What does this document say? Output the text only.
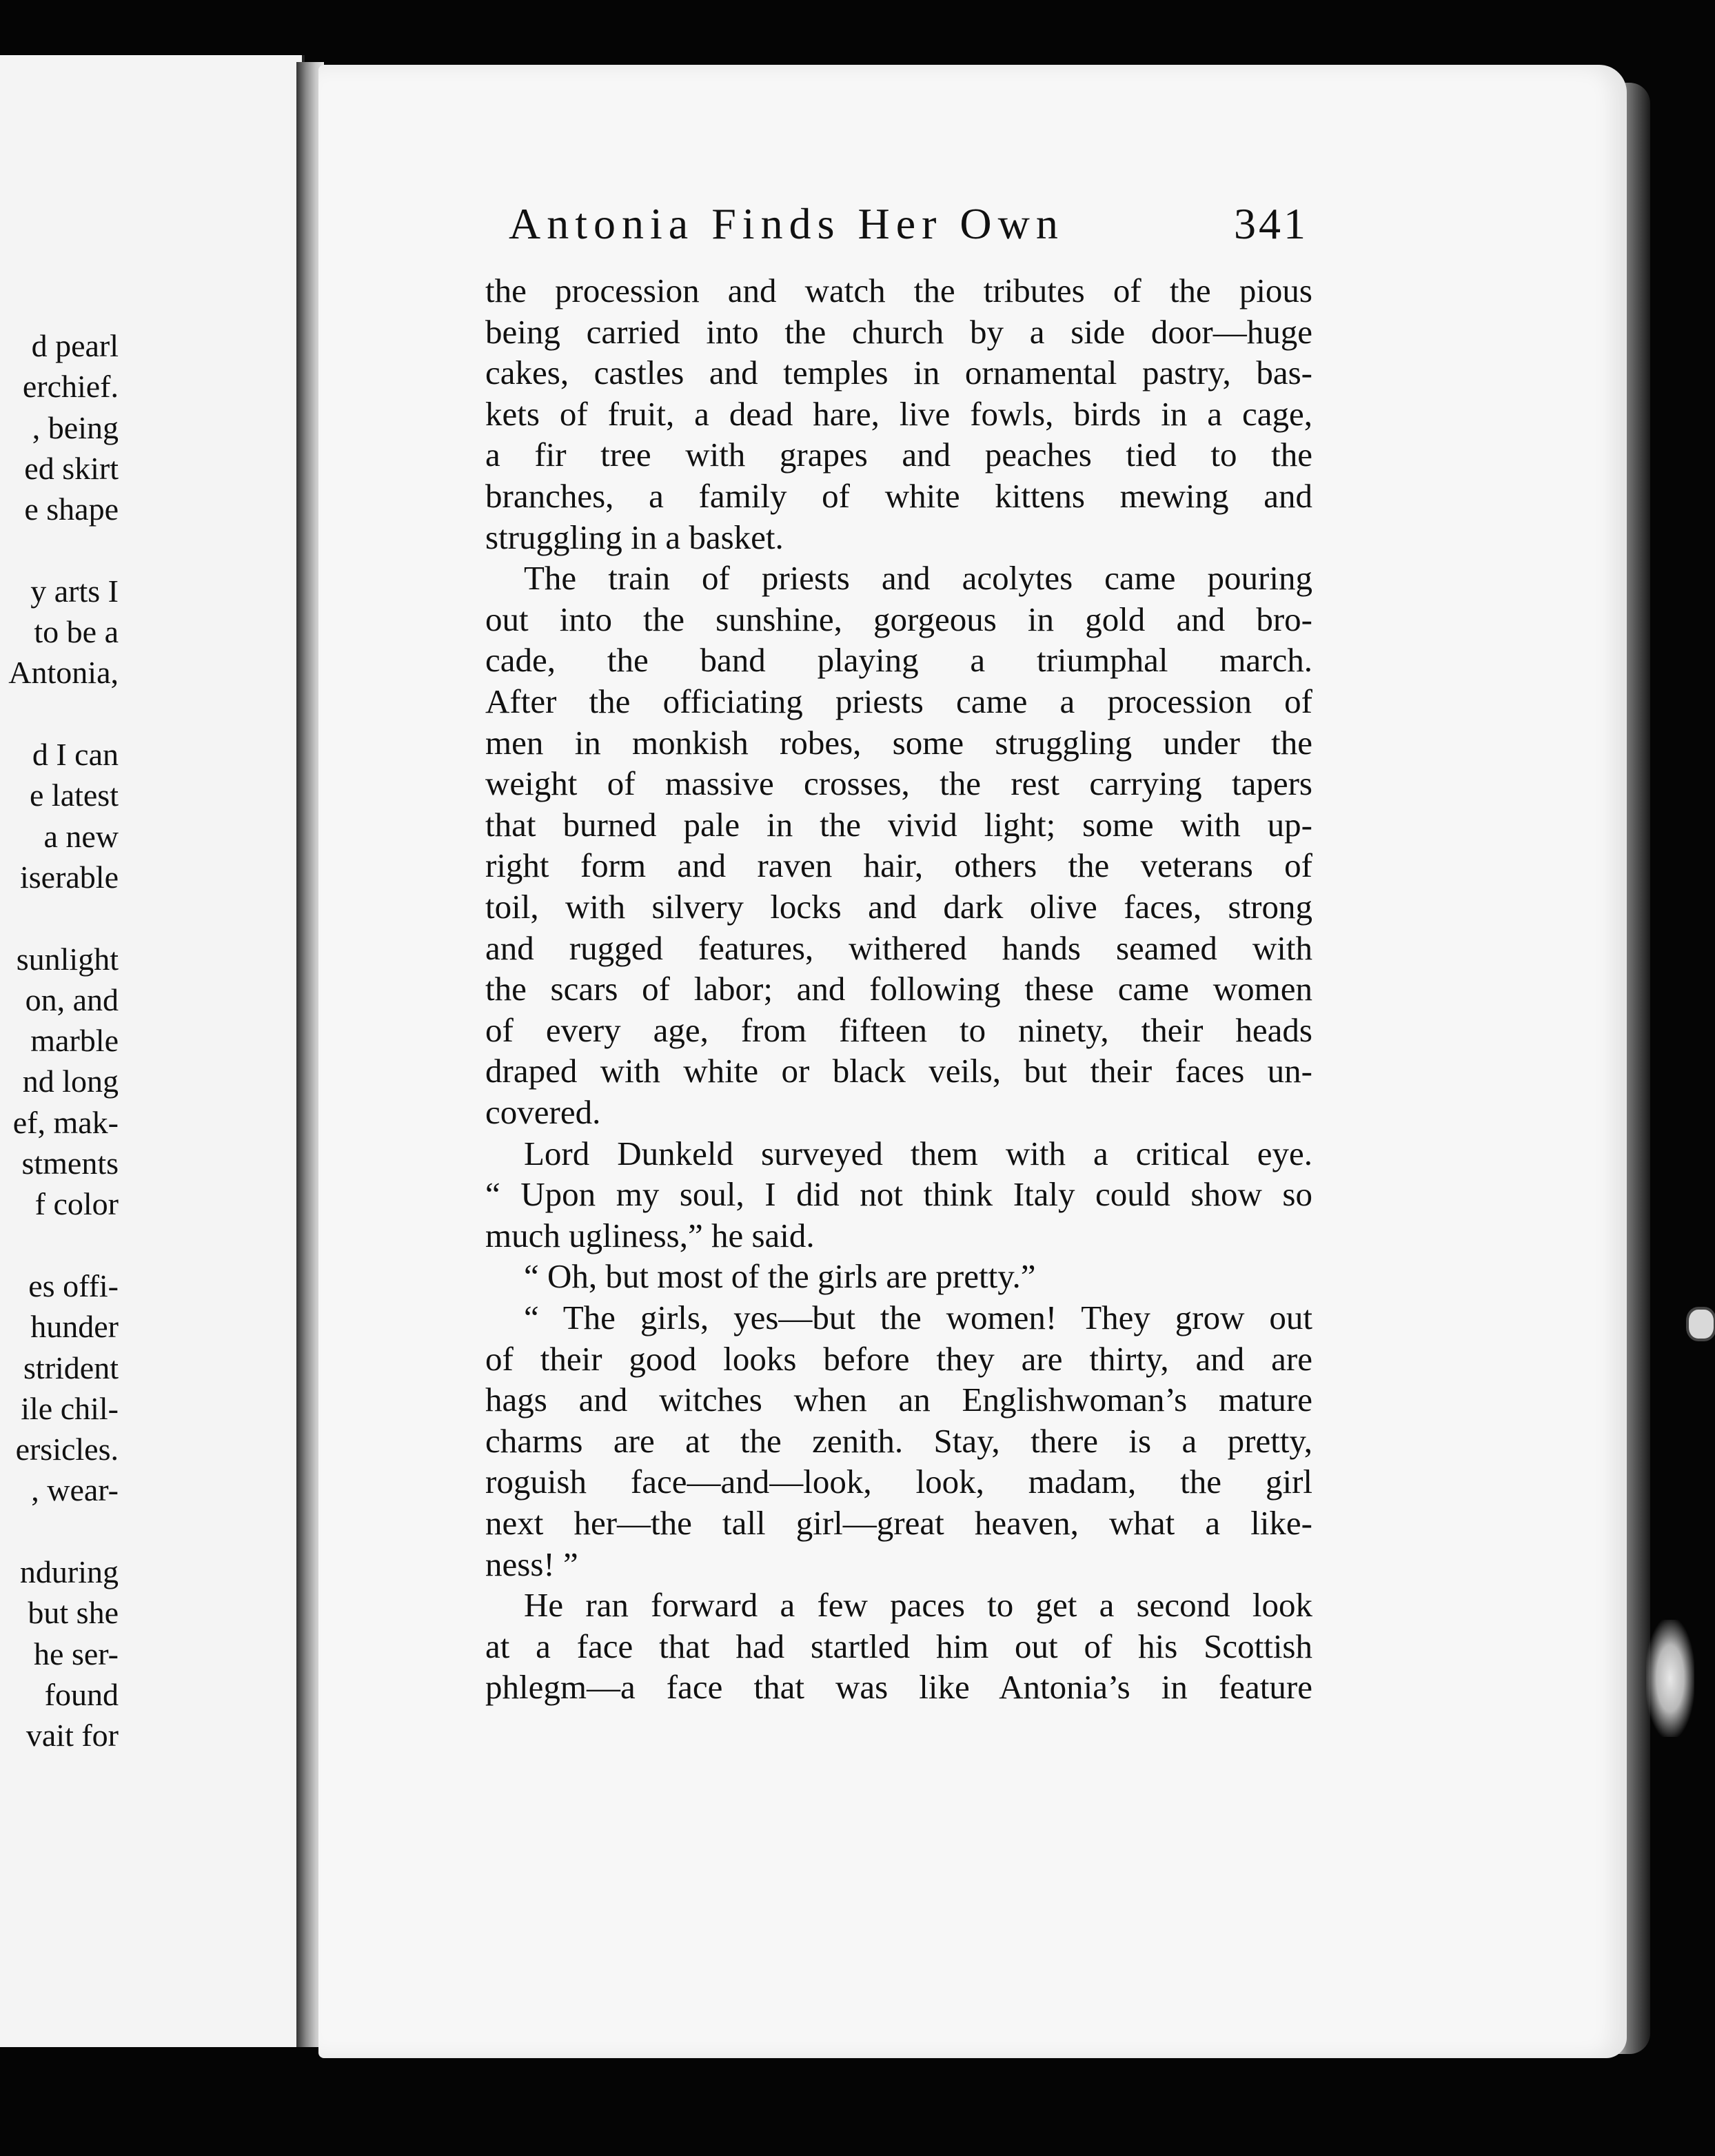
d pearl
erchief.
, being
ed skirt
e shape
y arts I
to be a
Antonia,
d I can
e latest
a new
iserable
sunlight
on, and
marble
nd long
ef, mak-
stments
f color
es offi-
hunder
strident
ile chil-
ersicles.
, wear-
nduring
but she
he ser-
found
vait for
Antonia Finds Her Own	341
the procession and watch the tributes of the pious
being carried into the church by a side door—huge
cakes, castles and temples in ornamental pastry, bas-
kets of fruit, a dead hare, live fowls, birds in a cage,
a fir tree with grapes and peaches tied to the
branches, a family of white kittens mewing and
struggling in a basket.
The train of priests and acolytes came pouring
out into the sunshine, gorgeous in gold and bro-
cade, the band playing a triumphal march.
After the officiating priests came a procession of
men in monkish robes, some struggling under the
weight of massive crosses, the rest carrying tapers
that burned pale in the vivid light; some with up-
right form and raven hair, others the veterans of
toil, with silvery locks and dark olive faces, strong
and rugged features, withered hands seamed with
the scars of labor; and following these came women
of every age, from fifteen to ninety, their heads
draped with white or black veils, but their faces un-
covered.
Lord Dunkeld surveyed them with a critical eye.
“ Upon my soul, I did not think Italy could show so
much ugliness,” he said.
“ Oh, but most of the girls are pretty.”
“ The girls, yes—but the women! They grow out
of their good looks before they are thirty, and are
hags and witches when an Englishwoman’s mature
charms are at the zenith. Stay, there is a pretty,
roguish face—and—look, look, madam, the girl
next her—the tall girl—great heaven, what a like-
ness! ”
He ran forward a few paces to get a second look
at a face that had startled him out of his Scottish
phlegm—a face that was like Antonia’s in feature
